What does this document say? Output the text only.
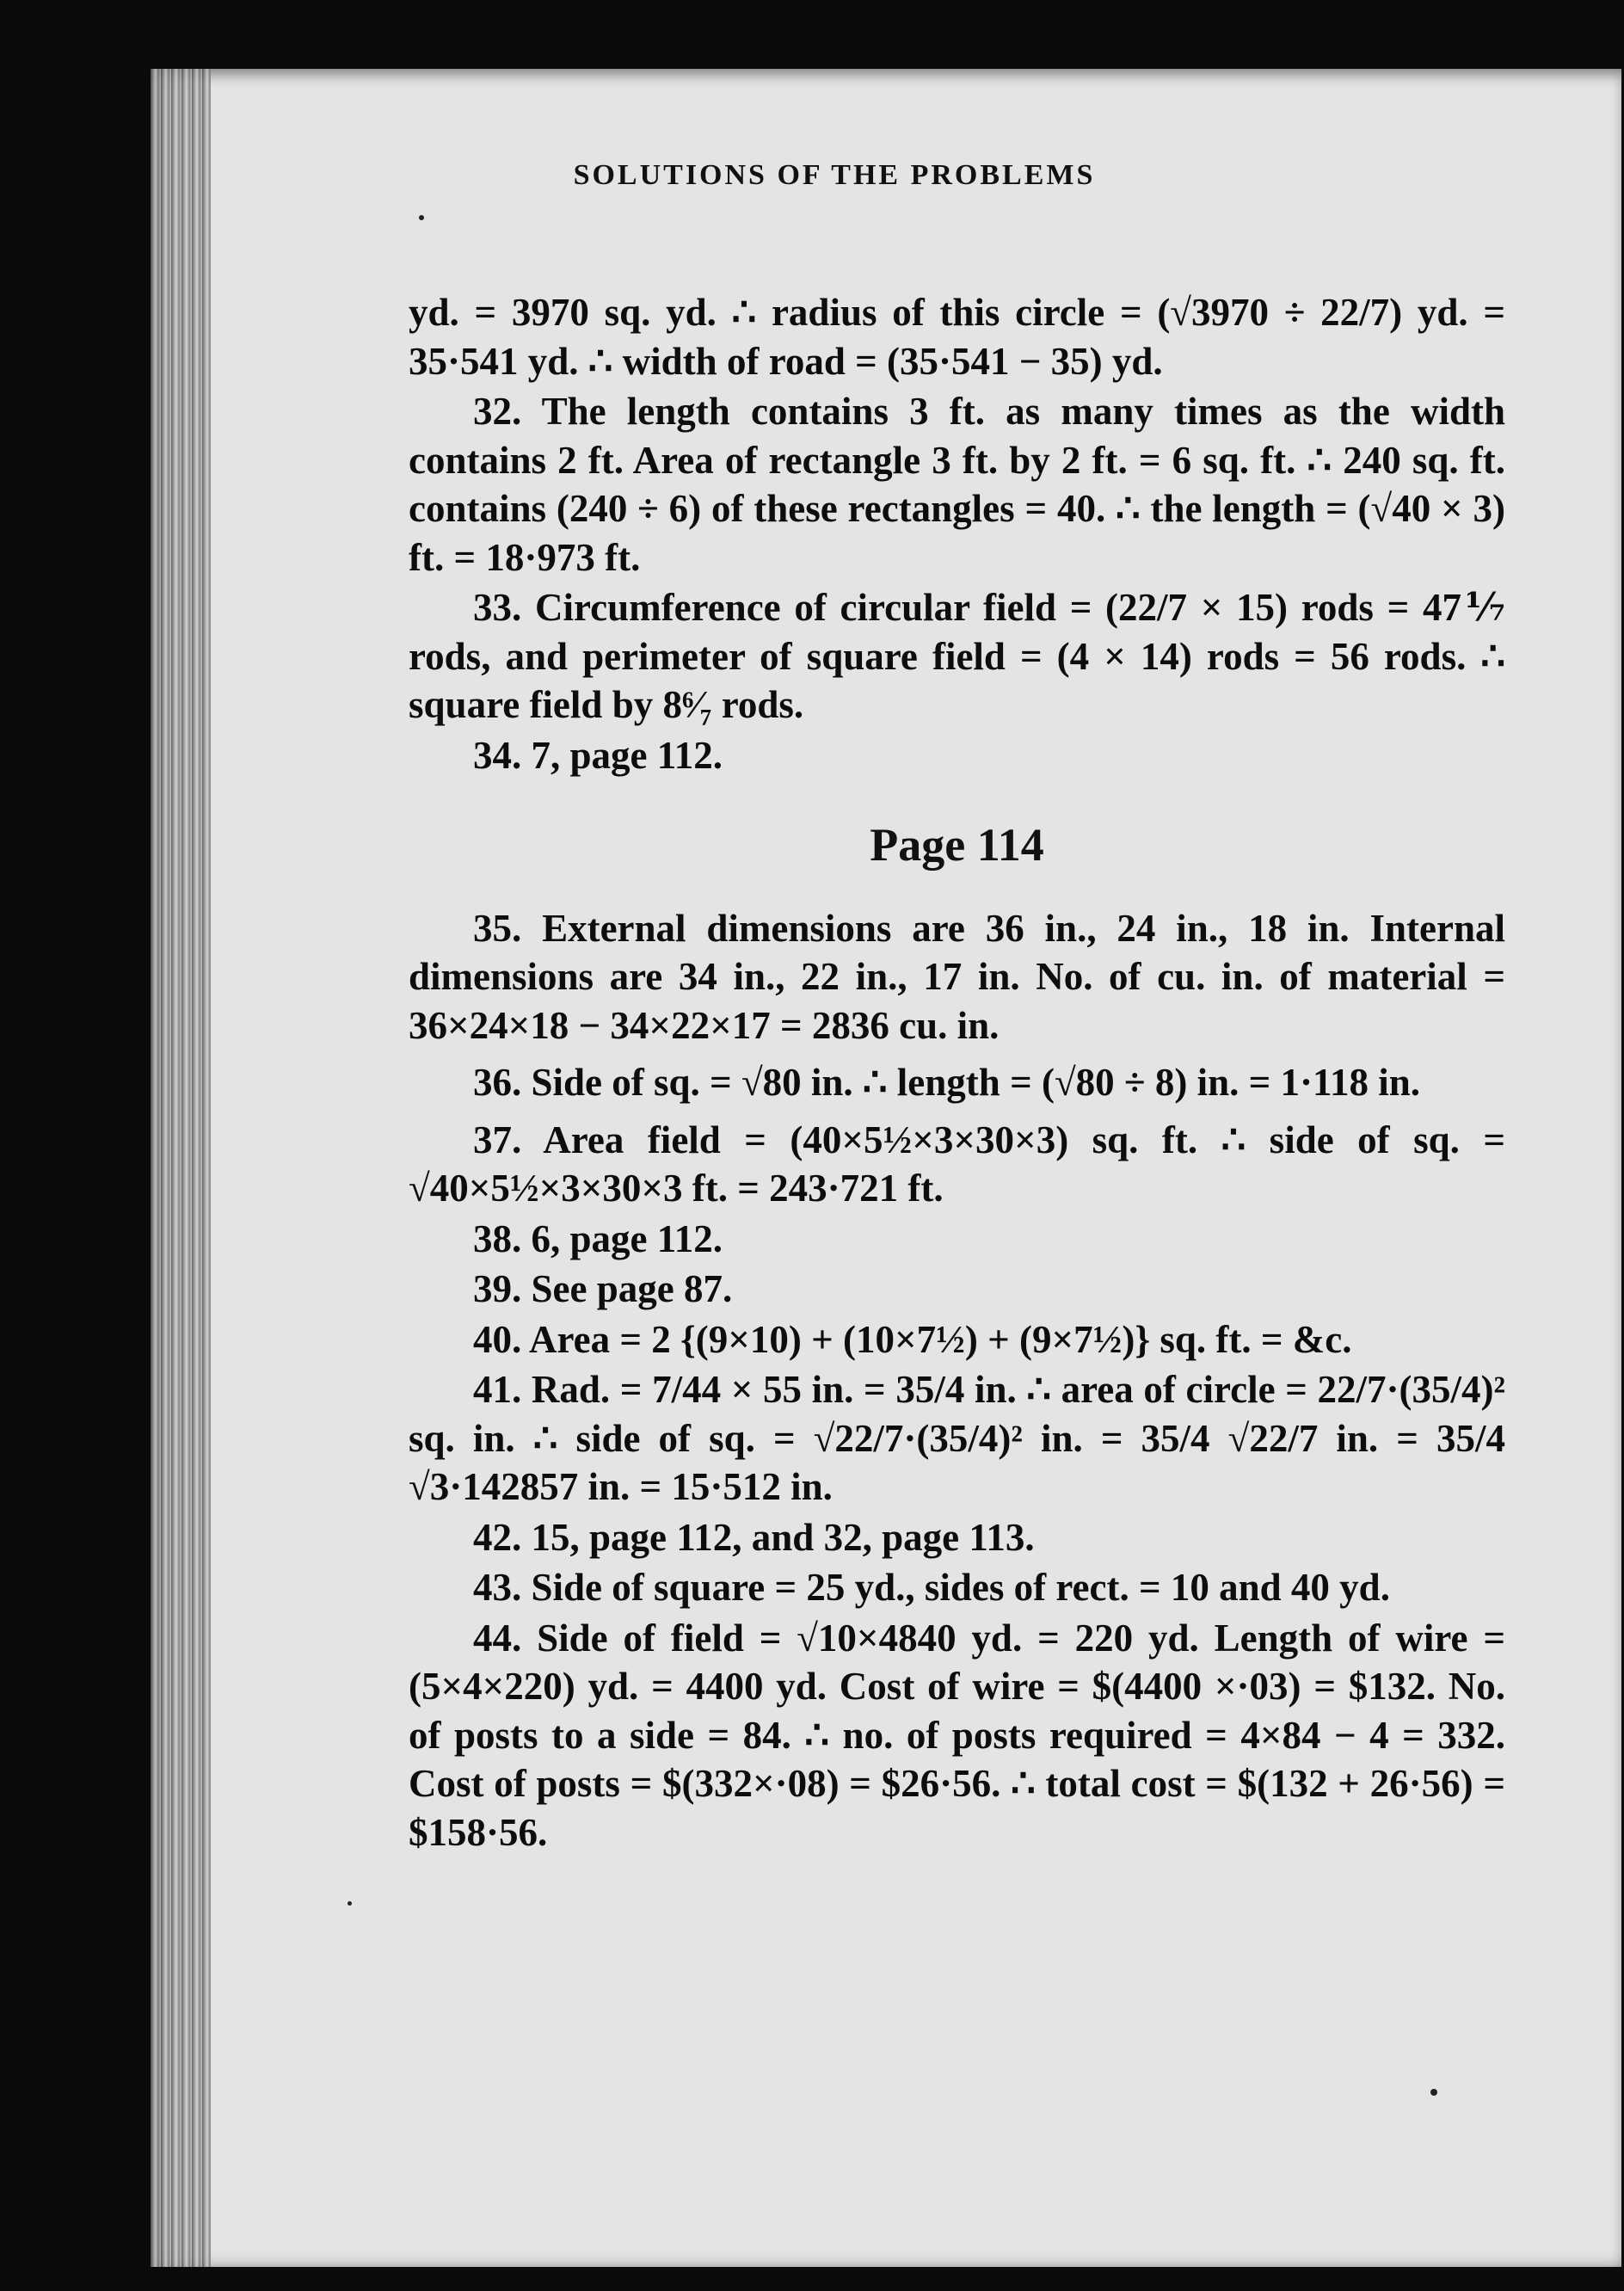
SOLUTIONS OF THE PROBLEMS
yd. = 3970 sq. yd. ∴ radius of this circle = (√3970 ÷ 22/7) yd. = 35·541 yd. ∴ width of road = (35·541 − 35) yd.
32. The length contains 3 ft. as many times as the width contains 2 ft. Area of rectangle 3 ft. by 2 ft. = 6 sq. ft. ∴ 240 sq. ft. contains (240 ÷ 6) of these rectangles = 40. ∴ the length = (√40 × 3) ft. = 18·973 ft.
33. Circumference of circular field = (22/7 × 15) rods = 47⅐ rods, and perimeter of square field = (4 × 14) rods = 56 rods. ∴ square field by 8⁶⁄₇ rods.
34. 7, page 112.
Page 114
35. External dimensions are 36 in., 24 in., 18 in. Internal dimensions are 34 in., 22 in., 17 in. No. of cu. in. of material = 36×24×18 − 34×22×17 = 2836 cu. in.
36. Side of sq. = √80 in. ∴ length = (√80 ÷ 8) in. = 1·118 in.
37. Area field = (40×5½×3×30×3) sq. ft. ∴ side of sq. = √40×5½×3×30×3 ft. = 243·721 ft.
38. 6, page 112.
39. See page 87.
40. Area = 2 {(9×10) + (10×7½) + (9×7½)} sq. ft. = &c.
41. Rad. = 7/44 × 55 in. = 35/4 in. ∴ area of circle = 22/7·(35/4)² sq. in. ∴ side of sq. = √22/7·(35/4)² in. = 35/4 √22/7 in. = 35/4 √3·142857 in. = 15·512 in.
42. 15, page 112, and 32, page 113.
43. Side of square = 25 yd., sides of rect. = 10 and 40 yd.
44. Side of field = √10×4840 yd. = 220 yd. Length of wire = (5×4×220) yd. = 4400 yd. Cost of wire = $(4400 ×·03) = $132. No. of posts to a side = 84. ∴ no. of posts required = 4×84 − 4 = 332. Cost of posts = $(332×·08) = $26·56. ∴ total cost = $(132 + 26·56) = $158·56.
